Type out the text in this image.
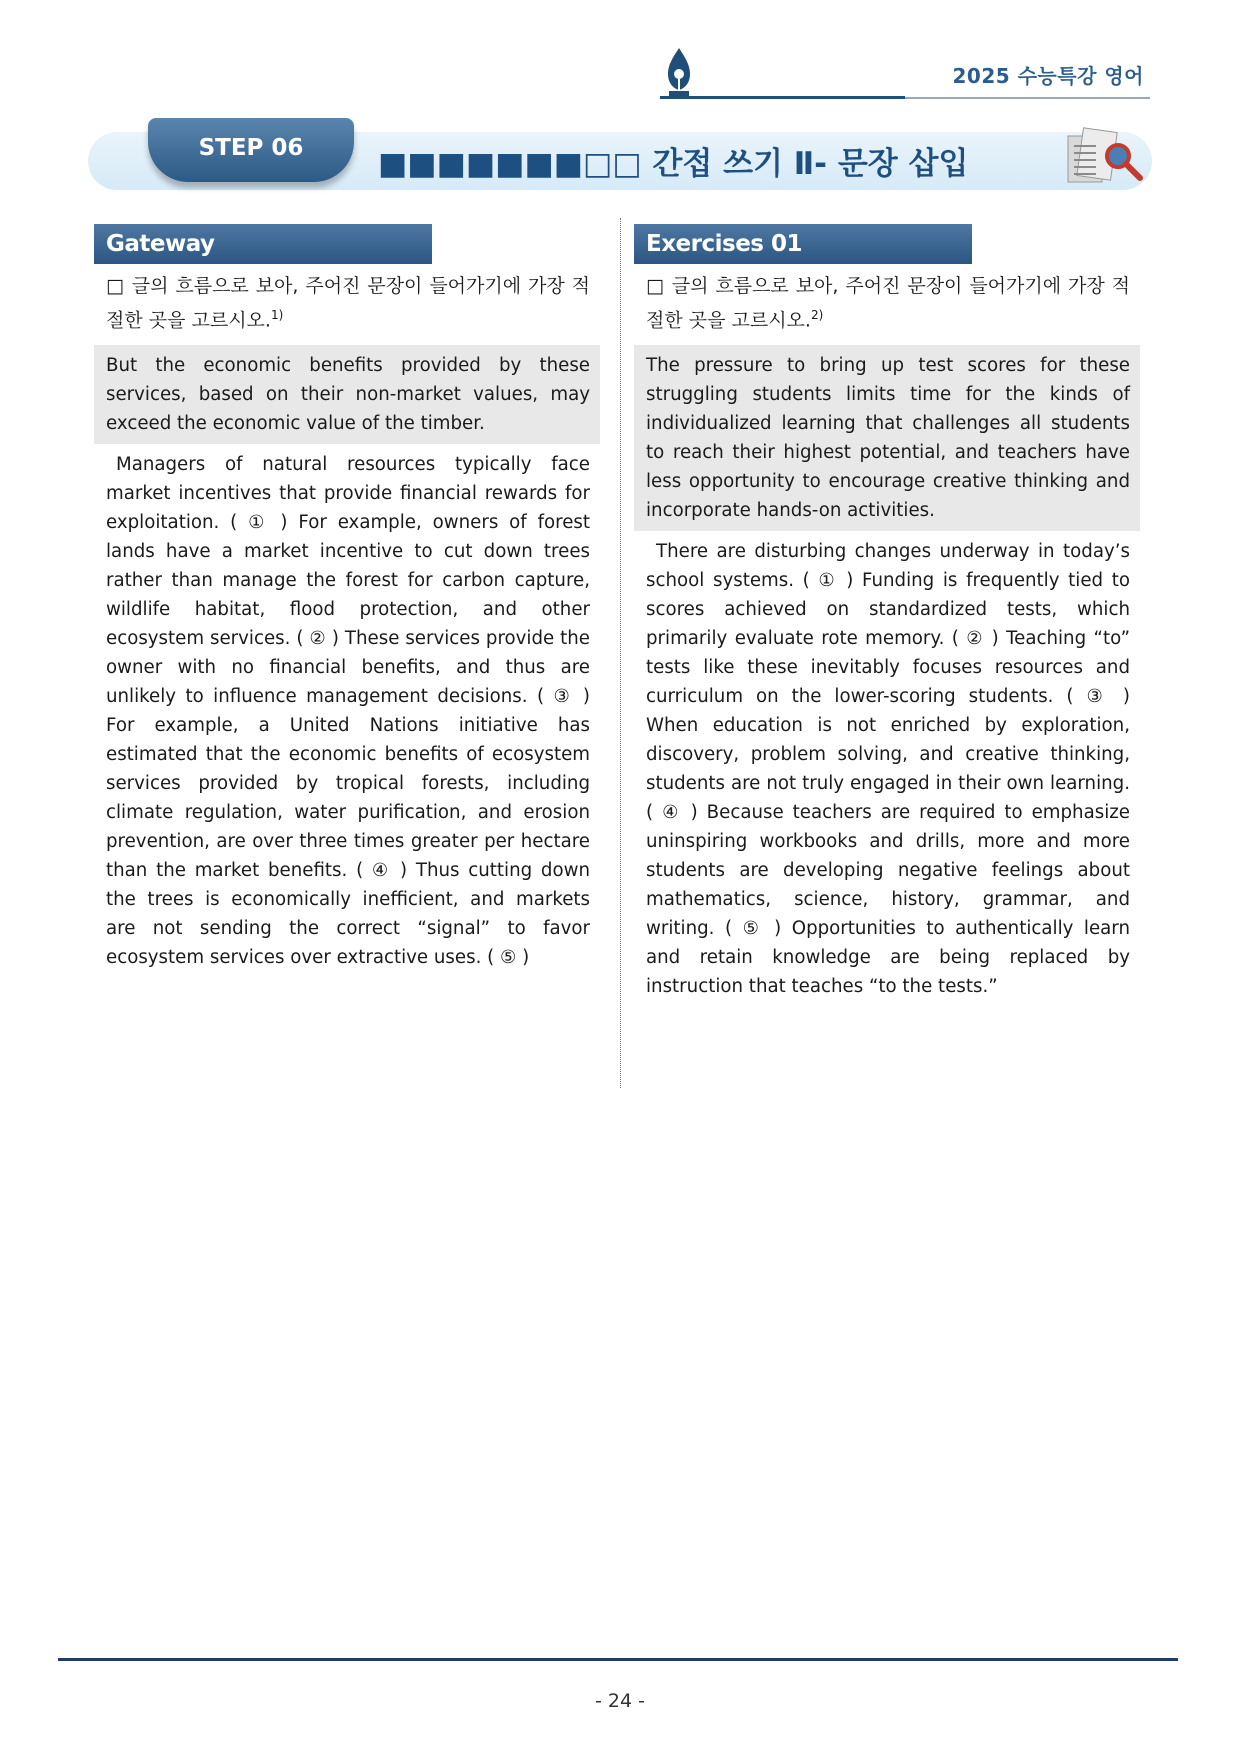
2025 수능특강 영어
STEP 06	■■■■■■■□□ 간접 쓰기 Ⅱ- 문장 삽입
Gateway
□ 글의 흐름으로 보아, 주어진 문장이 들어가기에 가장 적절한 곳을 고르시오.$^{1)}$
But the economic benefits provided by these services, based on their non-market values, may exceed the economic value of the timber.
Managers of natural resources typically face market incentives that provide financial rewards for exploitation. ( ① ) For example, owners of forest lands have a market incentive to cut down trees rather than manage the forest for carbon capture, wildlife habitat, flood protection, and other ecosystem services. ( ② ) These services provide the owner with no financial benefits, and thus are unlikely to influence management decisions. ( ③ ) For example, a United Nations initiative has estimated that the economic benefits of ecosystem services provided by tropical forests, including climate regulation, water purification, and erosion prevention, are over three times greater per hectare than the market benefits. ( ④ ) Thus cutting down the trees is economically inefficient, and markets are not sending the correct “signal” to favor ecosystem services over extractive uses. ( ⑤ )
Exercises 01
□ 글의 흐름으로 보아, 주어진 문장이 들어가기에 가장 적절한 곳을 고르시오.$^{2)}$
The pressure to bring up test scores for these struggling students limits time for the kinds of individualized learning that challenges all students to reach their highest potential, and teachers have less opportunity to encourage creative thinking and incorporate hands-on activities.
There are disturbing changes underway in today’s school systems. ( ① ) Funding is frequently tied to scores achieved on standardized tests, which primarily evaluate rote memory. ( ② ) Teaching “to” tests like these inevitably focuses resources and curriculum on the lower-scoring students. ( ③ ) When education is not enriched by exploration, discovery, problem solving, and creative thinking, students are not truly engaged in their own learning. ( ④ ) Because teachers are required to emphasize uninspiring workbooks and drills, more and more students are developing negative feelings about mathematics, science, history, grammar, and writing. ( ⑤ ) Opportunities to authentically learn and retain knowledge are being replaced by instruction that teaches “to the tests.”
- 24 -
